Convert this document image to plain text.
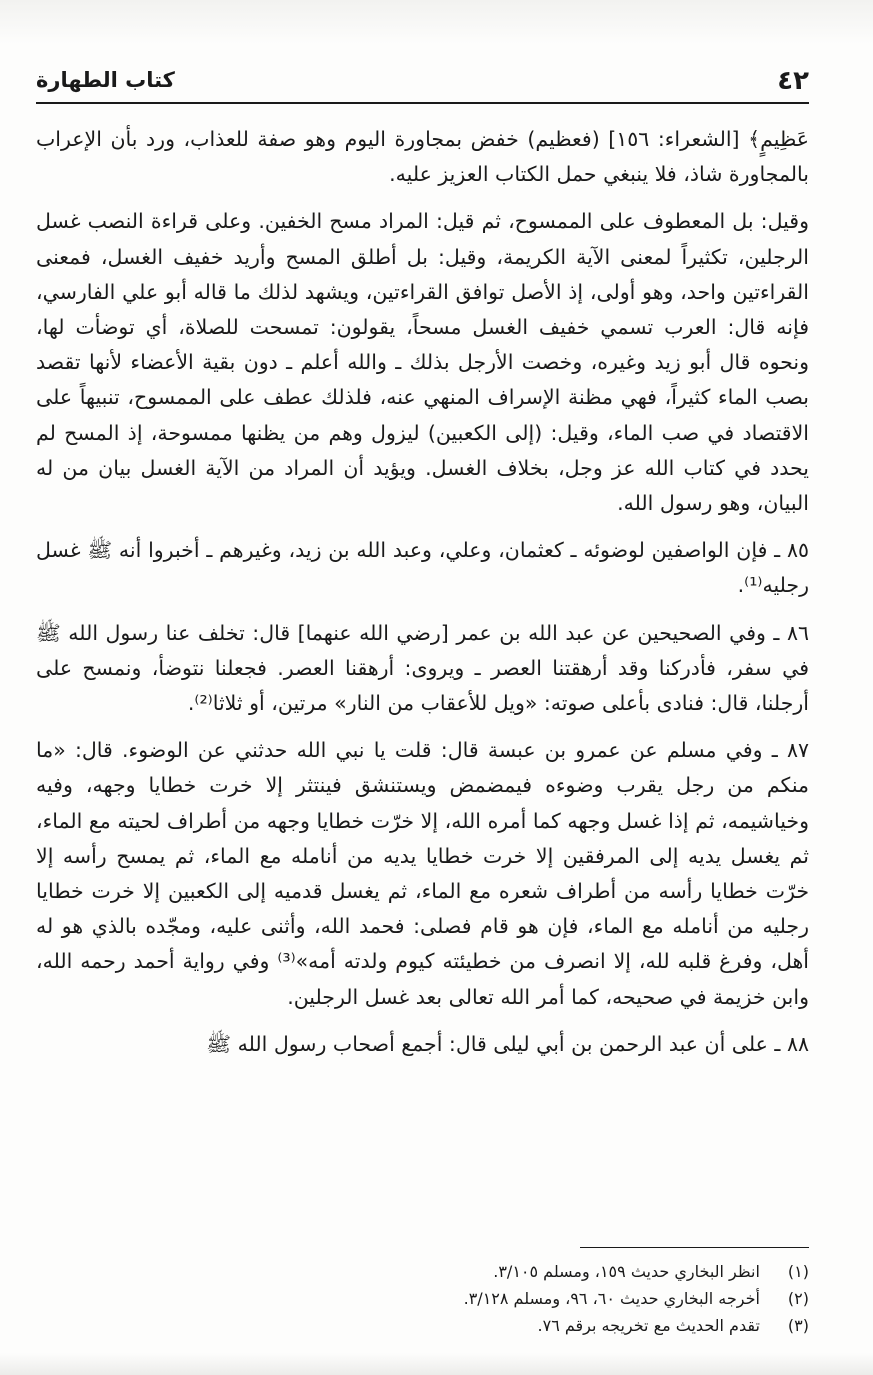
٤٢
كتاب الطهارة

عَظِيمٍ﴾ [الشعراء: ١٥٦] (فعظيم) خفض بمجاورة اليوم وهو صفة للعذاب، ورد بأن الإعراب بالمجاورة شاذ، فلا ينبغي حمل الكتاب العزيز عليه.

وقيل: بل المعطوف على الممسوح، ثم قيل: المراد مسح الخفين. وعلى قراءة النصب غسل الرجلين، تكثيراً لمعنى الآية الكريمة، وقيل: بل أطلق المسح وأريد خفيف الغسل، فمعنى القراءتين واحد، وهو أولى، إذ الأصل توافق القراءتين، ويشهد لذلك ما قاله أبو علي الفارسي، فإنه قال: العرب تسمي خفيف الغسل مسحاً، يقولون: تمسحت للصلاة، أي توضأت لها، ونحوه قال أبو زيد وغيره، وخصت الأرجل بذلك ـ والله أعلم ـ دون بقية الأعضاء لأنها تقصد بصب الماء كثيراً، فهي مظنة الإسراف المنهي عنه، فلذلك عطف على الممسوح، تنبيهاً على الاقتصاد في صب الماء، وقيل: (إلى الكعبين) ليزول وهم من يظنها ممسوحة، إذ المسح لم يحدد في كتاب الله عز وجل، بخلاف الغسل. ويؤيد أن المراد من الآية الغسل بيان من له البيان، وهو رسول الله.

٨٥ ـ فإن الواصفين لوضوئه ـ كعثمان، وعلي، وعبد الله بن زيد، وغيرهم ـ أخبروا أنه ﷺ غسل رجليه⁽¹⁾.

٨٦ ـ وفي الصحيحين عن عبد الله بن عمر [رضي الله عنهما] قال: تخلف عنا رسول الله ﷺ في سفر، فأدركنا وقد أرهقتنا العصر ـ ويروى: أرهقنا العصر. فجعلنا نتوضأ، ونمسح على أرجلنا، قال: فنادى بأعلى صوته: «ويل للأعقاب من النار» مرتين، أو ثلاثا⁽²⁾.

٨٧ ـ وفي مسلم عن عمرو بن عبسة قال: قلت يا نبي الله حدثني عن الوضوء. قال: «ما منكم من رجل يقرب وضوءه فيمضمض ويستنشق فينتثر إلا خرت خطايا وجهه، وفيه وخياشيمه، ثم إذا غسل وجهه كما أمره الله، إلا خرّت خطايا وجهه من أطراف لحيته مع الماء، ثم يغسل يديه إلى المرفقين إلا خرت خطايا يديه من أنامله مع الماء، ثم يمسح رأسه إلا خرّت خطايا رأسه من أطراف شعره مع الماء، ثم يغسل قدميه إلى الكعبين إلا خرت خطايا رجليه من أنامله مع الماء، فإن هو قام فصلى: فحمد الله، وأثنى عليه، ومجّده بالذي هو له أهل، وفرغ قلبه لله، إلا انصرف من خطيئته كيوم ولدته أمه»⁽³⁾ وفي رواية أحمد رحمه الله، وابن خزيمة في صحيحه، كما أمر الله تعالى بعد غسل الرجلين.

٨٨ ـ على أن عبد الرحمن بن أبي ليلى قال: أجمع أصحاب رسول الله ﷺ

(١) انظر البخاري حديث ١٥٩، ومسلم ٣/١٠٥.
(٢) أخرجه البخاري حديث ٦٠، ٩٦، ومسلم ٣/١٢٨.
(٣) تقدم الحديث مع تخريجه برقم ٧٦.
